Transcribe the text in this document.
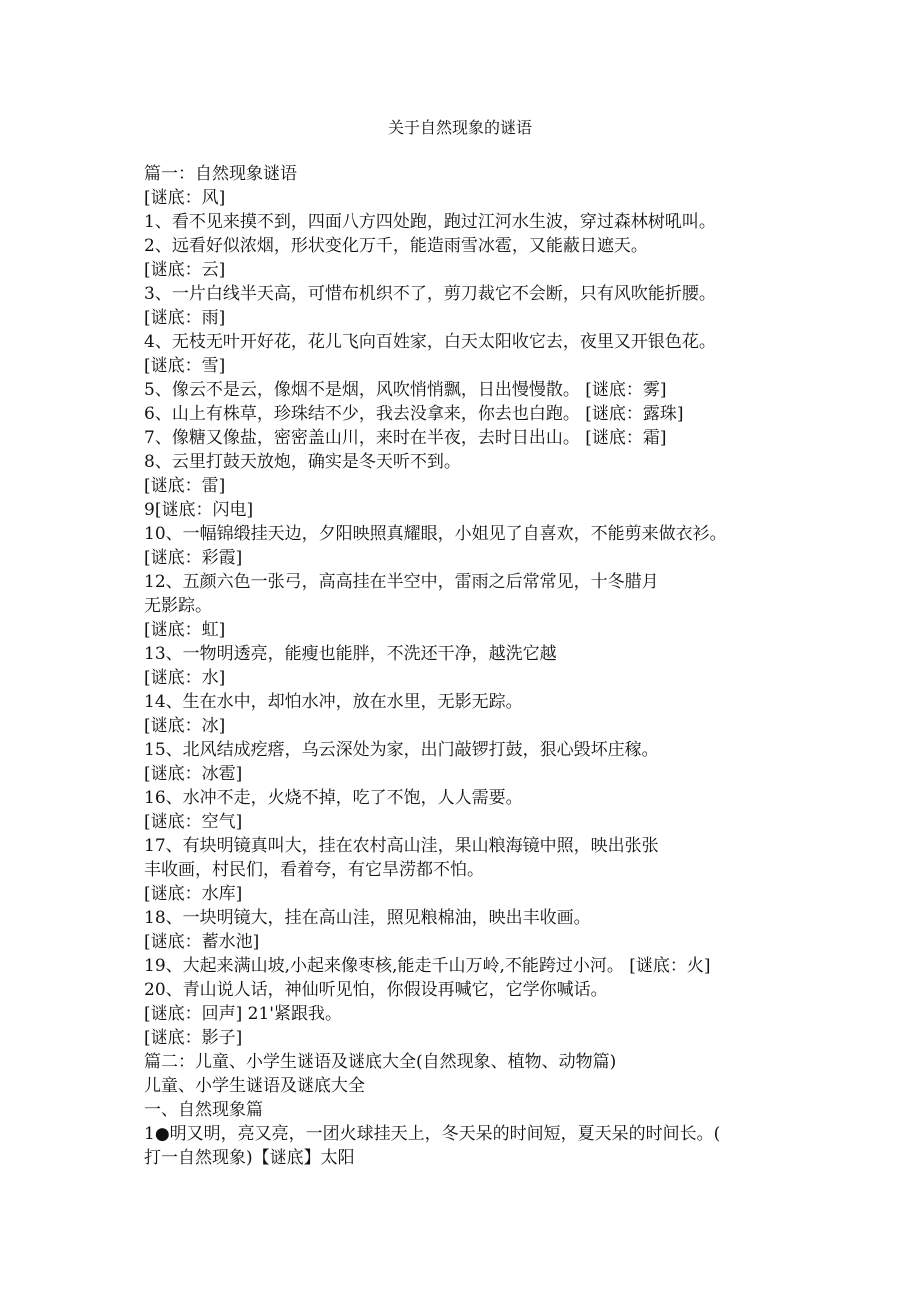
关于自然现象的谜语
篇一：自然现象谜语
[谜底：风]
1、看不见来摸不到，四面八方四处跑，跑过江河水生波，穿过森林树吼叫。
2、远看好似浓烟，形状变化万千，能造雨雪冰雹，又能蔽日遮天。
[谜底：云]
3、一片白线半天高，可惜布机织不了，剪刀裁它不会断，只有风吹能折腰。
[谜底：雨]
4、无枝无叶开好花，花儿飞向百姓家，白天太阳收它去，夜里又开银色花。
[谜底：雪]
5、像云不是云，像烟不是烟，风吹悄悄飘，日出慢慢散。 [谜底：雾]
6、山上有株草，珍珠结不少，我去没拿来，你去也白跑。 [谜底：露珠]
7、像糖又像盐，密密盖山川，来时在半夜，去时日出山。 [谜底：霜]
8、云里打鼓天放炮，确实是冬天听不到。
[谜底：雷]
9[谜底：闪电]
10、一幅锦缎挂天边，夕阳映照真耀眼，小姐见了自喜欢，不能剪来做衣衫。
[谜底：彩霞]
12、五颜六色一张弓，高高挂在半空中，雷雨之后常常见，十冬腊月
无影踪。
[谜底：虹]
13、一物明透亮，能瘦也能胖，不洗还干净，越洗它越
[谜底：水]
14、生在水中，却怕水冲，放在水里，无影无踪。
[谜底：冰]
15、北风结成疙瘩，乌云深处为家，出门敲锣打鼓，狠心毁坏庄稼。
[谜底：冰雹]
16、水冲不走，火烧不掉，吃了不饱，人人需要。
[谜底：空气]
17、有块明镜真叫大，挂在农村高山洼，果山粮海镜中照，映出张张
丰收画，村民们，看着夸，有它旱涝都不怕。
[谜底：水库]
18、一块明镜大，挂在高山洼，照见粮棉油，映出丰收画。
[谜底：蓄水池]
19、大起来满山坡,小起来像枣核,能走千山万岭,不能跨过小河。 [谜底：火]
20、青山说人话，神仙听见怕，你假设再喊它，它学你喊话。
[谜底：回声] 21'紧跟我。
[谜底：影子]
篇二：儿童、小学生谜语及谜底大全(自然现象、植物、动物篇)
儿童、小学生谜语及谜底大全
一、自然现象篇
1●明又明，亮又亮，一团火球挂天上，冬天呆的时间短，夏天呆的时间长。(
打一自然现象)【谜底】太阳
